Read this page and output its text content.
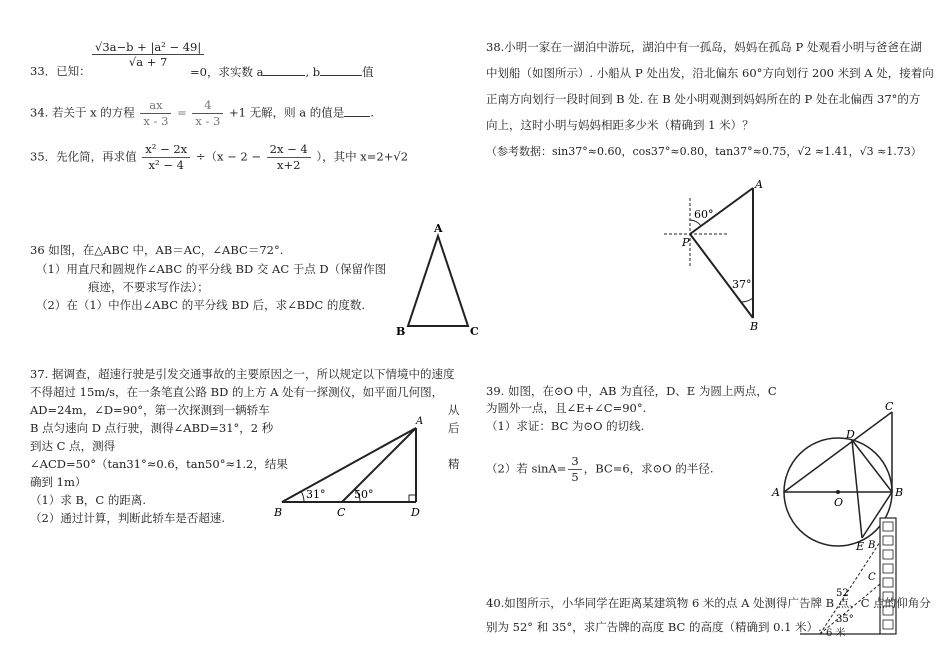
$\frac{\text{√3a−b + |a² − 49|}}{√a + 7}$
33．已知：	=0，求实数 a	, b	值
34. 若关于 x 的方程 $\frac{ax}{x - 3} = \frac{4}{x - 3} +1$ 无解，则 a 的值是 .
35．先化简，再求值 $\frac{\text{x² − 2x}}{\text{x² − 4}} \div(x - 2 - \frac{2x - 4}{x+2}$ ），其中 x=2+√2
36 如图，在△ABC 中，AB＝AC，∠ABC＝72°.
（1）用直尺和圆规作∠ABC 的平分线 BD 交 AC 于点 D（保留作图
痕迹，不要求写作法）；
（2）在（1）中作出∠ABC 的平分线 BD 后，求∠BDC 的度数.
A
B	C
37. 据调查，超速行驶是引发交通事故的主要原因之一，所以规定以下情境中的速度
不得超过 15m/s，在一条笔直公路 BD 的上方 A 处有一探测仪，如平面几何图，
AD=24m，∠D=90°，第一次探测到一辆轿车	从
B 点匀速向 D 点行驶，测得∠ABD=31°，2 秒	后
到达 C 点，测得
∠ACD=50°（tan31°≈0.6，tan50°≈1.2，结果	精
确到 1m）
（1）求 B，C 的距离.
（2）通过计算，判断此轿车是否超速.
31°	50°
A
B	C	D
38.小明一家在一湖泊中游玩，湖泊中有一孤岛，妈妈在孤岛 P 处观看小明与爸爸在湖
中划船（如图所示）. 小船从 P 处出发，沿北偏东 60°方向划行 200 米到 A 处，接着向
正南方向划行一段时间到 B 处. 在 B 处小明观测到妈妈所在的 P 处在北偏西 37°的方
向上，这时小明与妈妈相距多少米（精确到 1 米）？
（参考数据：sin37°≈0.60，cos37°≈0.80，tan37°≈0.75，√2 ≈1.41，√3 ≈1.73）
60°
37°
A
P
B
39. 如图，在⊙O 中，AB 为直径，D、E 为圆上两点，C
为圆外一点，且∠E+∠C=90°.
（1）求证：BC 为⊙O 的切线.
（2）若 $\sin A= \frac{3}{5}$ ，BC=6，求⊙O 的半径.
A
O
B
C
D
E B
C
52
35°
40.如图所示，小华同学在距离某建筑物 6 米的点 A 处测得广告牌 B 点、C 点的仰角分
别为 52° 和 35°，求广告牌的高度 BC 的高度（精确到 0.1 米）. 6 米
